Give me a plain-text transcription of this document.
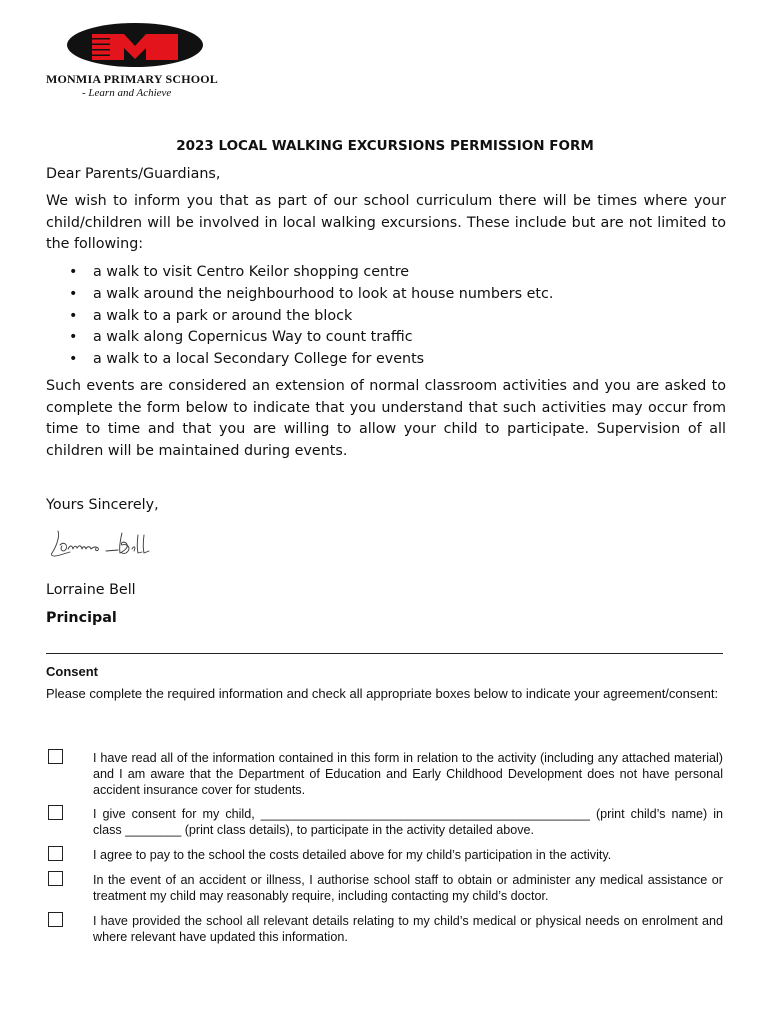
MONMIA PRIMARY SCHOOL
- Learn and Achieve
2023 LOCAL WALKING EXCURSIONS PERMISSION FORM
Dear Parents/Guardians,
We wish to inform you that as part of our school curriculum there will be times where your child/children will be involved in local walking excursions. These include but are not limited to the following:
• a walk to visit Centro Keilor shopping centre
• a walk around the neighbourhood to look at house numbers etc.
• a walk to a park or around the block
• a walk along Copernicus Way to count traffic
• a walk to a local Secondary College for events
Such events are considered an extension of normal classroom activities and you are asked to complete the form below to indicate that you understand that such activities may occur from time to time and that you are willing to allow your child to participate. Supervision of all children will be maintained during events.
Yours Sincerely,
Lorraine Bell
Principal
Consent
Please complete the required information and check all appropriate boxes below to indicate your agreement/consent:
I have read all of the information contained in this form in relation to the activity (including any attached material) and I am aware that the Department of Education and Early Childhood Development does not have personal accident insurance cover for students.
I give consent for my child, _______________________________________________ (print child’s name) in class ________ (print class details), to participate in the activity detailed above.
I agree to pay to the school the costs detailed above for my child’s participation in the activity.
In the event of an accident or illness, I authorise school staff to obtain or administer any medical assistance or treatment my child may reasonably require, including contacting my child’s doctor.
I have provided the school all relevant details relating to my child’s medical or physical needs on enrolment and where relevant have updated this information.
